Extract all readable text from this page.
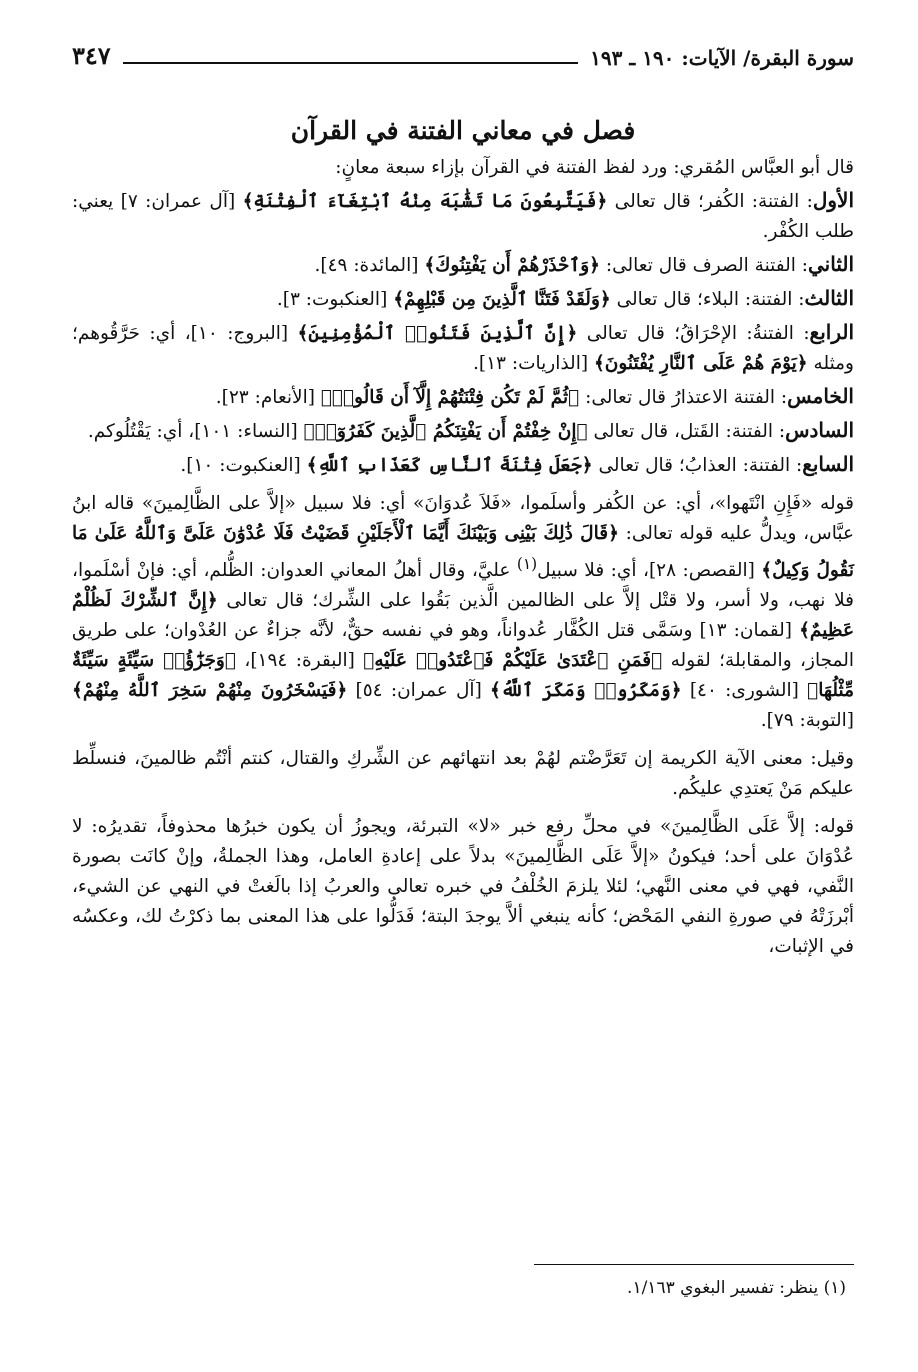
سورة البقرة/ الآيات: ١٩٠ ـ ١٩٣
٣٤٧
فصل في معاني الفتنة في القرآن

قال أبو العبَّاس المُقري: ورد لفظ الفتنة في القرآن بإزاء سبعة معانٍ:

الأول: الفتنة: الكُفر؛ قال تعالى ﴿فَيَتَّبِعُونَ مَا تَشَٰبَهَ مِنْهُ ٱبْتِغَآءَ ٱلْفِتْنَةِ﴾ [آل عمران: ٧] يعني: طلب الكُفْر.

الثاني: الفتنة الصرف قال تعالى: ﴿وَٱحْذَرْهُمْ أَن يَفْتِنُوكَ﴾ [المائدة: ٤٩].

الثالث: الفتنة: البلاء؛ قال تعالى ﴿وَلَقَدْ فَتَنَّا ٱلَّذِينَ مِن قَبْلِهِمْ﴾ [العنكبوت: ٣].

الرابع: الفتنةُ: الإحْرَاقُ؛ قال تعالى ﴿إِنَّ ٱلَّذِينَ فَتَنُوا۟ ٱلْمُؤْمِنِينَ﴾ [البروج: ١٠]، أي: حَرَّقُوهم؛ ومثله ﴿يَوْمَ هُمْ عَلَى ٱلنَّارِ يُفْتَنُونَ﴾ [الذاريات: ١٣].

الخامس: الفتنة الاعتذارُ قال تعالى: ﴿ثُمَّ لَمْ تَكُن فِتْنَتُهُمْ إِلَّآ أَن قَالُوا۟﴾ [الأنعام: ٢٣].

السادس: الفتنة: القَتل، قال تعالى ﴿إِنْ خِفْتُمْ أَن يَفْتِنَكُمُ ٱلَّذِينَ كَفَرُوٓا۟﴾ [النساء: ١٠١]، أي: يَقْتُلُوكم.

السابع: الفتنة: العذابُ؛ قال تعالى ﴿جَعَلَ فِتْنَةَ ٱلنَّاسِ كَعَذَابِ ٱللَّهِ﴾ [العنكبوت: ١٠].

قوله «فَإِنِ انْتَهوا»، أي: عن الكُفر وأسلَموا، «فَلاَ عُدوَانَ» أي: فلا سبيل «إلاَّ على الظَّالِمينَ» قاله ابنُ عبَّاس، ويدلُّ عليه قوله تعالى: ﴿قَالَ ذَٰلِكَ بَيْنِى وَبَيْنَكَ أَيَّمَا ٱلْأَجَلَيْنِ قَضَيْتُ فَلَا عُدْوَٰنَ عَلَىَّ وَٱللَّهُ عَلَىٰ مَا نَقُولُ وَكِيلٌ﴾ [القصص: ٢٨]، أي: فلا سبيل$^{(١)}$ عليَّ، وقال أهلُ المعاني العدوان: الظُّلم، أي: فإنْ أسْلَموا، فلا نهب، ولا أسر، ولا قتْل إلاَّ على الظالمين الَّذين بَقُوا على الشِّرك؛ قال تعالى ﴿إِنَّ ٱلشِّرْكَ لَظُلْمٌ عَظِيمٌ﴾ [لقمان: ١٣] وسَمَّى قتل الكُفَّار عُدواناً، وهو في نفسه حقٌّ، لأنَّه جزاءٌ عن العُدْوان؛ على طريق المجاز، والمقابلة؛ لقوله ﴿فَمَنِ ٱعْتَدَىٰ عَلَيْكُمْ فَٱعْتَدُوا۟ عَلَيْهِ﴾ [البقرة: ١٩٤]، ﴿وَجَزَٰٓؤُا۟ سَيِّئَةٍ سَيِّئَةٌ مِّثْلُهَا﴾ [الشورى: ٤٠] ﴿وَمَكَرُوا۟ وَمَكَرَ ٱللَّهُ﴾ [آل عمران: ٥٤] ﴿فَيَسْخَرُونَ مِنْهُمْ سَخِرَ ٱللَّهُ مِنْهُمْ﴾ [التوبة: ٧٩].

وقيل: معنى الآية الكريمة إن تَعَرَّضْتم لهُمْ بعد انتهائهم عن الشِّركِ والقتال، كنتم أنْتُم ظالمينَ، فنسلِّط عليكم مَنْ يَعتدِي عليكُم.

قوله: إلاَّ عَلَى الظَّالِمينَ» في محلِّ رفع خبر «لا» التبرئة، ويجوزُ أن يكون خبرُها محذوفاً، تقديرُه: لا عُدْوَانَ على أحد؛ فيكونُ «إلاَّ عَلَى الظَّالِمينَ» بدلاً على إعادةِ العامل، وهذا الجملةُ، وإنْ كانَت بصورة النَّفي، فهي في معنى النَّهي؛ لئلا يلزمَ الخُلْفُ في خبره تعالى والعربُ إذا بالَغتْ في النهي عن الشيء، أبْرزَتْهُ في صورةِ النفي المَحْض؛ كأنه ينبغي ألاَّ يوجدَ البتة؛ فَدَلُّوا على هذا المعنى بما ذكرْتُ لك، وعكسُه في الإثبات،

(١) ينظر: تفسير البغوي ١/١٦٣.
